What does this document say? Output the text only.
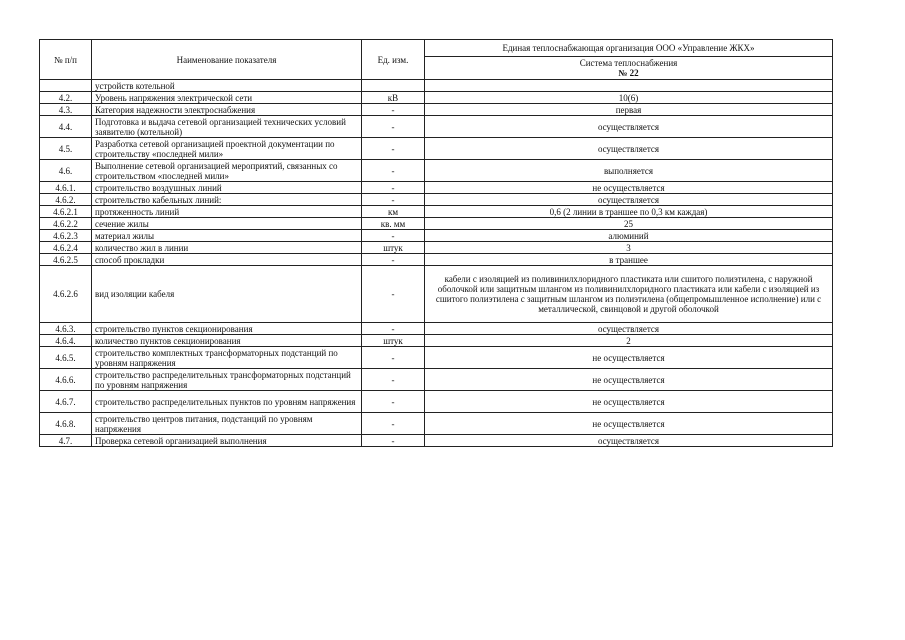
№ п/п	Наименование показателя	Ед. изм.	Единая теплоснабжающая организация ООО «Управление ЖКХ»

			Система теплоснабжения
№ 22

	устройств котельной		
4.2.	Уровень напряжения электрической сети	кВ	10(6)
4.3.	Категория надежности электроснабжения	-	первая
4.4.	Подготовка и выдача сетевой организацией технических условий заявителю (котельной)	-	осуществляется
4.5.	Разработка сетевой организацией проектной документации по строительству «последней мили»	-	осуществляется
4.6.	Выполнение сетевой организацией мероприятий, связанных со строительством «последней мили»	-	выполняется
4.6.1.	строительство воздушных линий	-	не осуществляется
4.6.2.	строительство кабельных линий:	-	осуществляется
4.6.2.1	протяженность линий	км	0,6 (2 линии в траншее по 0,3 км каждая)
4.6.2.2	сечение жилы	кв. мм	25
4.6.2.3	материал жилы	-	алюминий
4.6.2.4	количество жил в линии	штук	3
4.6.2.5	способ прокладки	-	в траншее
4.6.2.6	вид изоляции кабеля	-	кабели с изоляцией из поливинилхлоридного пластиката или сшитого полиэтилена, с наружной оболочкой или защитным шлангом из поливинилхлоридного пластиката или кабели с изоляцией из сшитого полиэтилена с защитным шлангом из полиэтилена (общепромышленное исполнение) или с металлической, свинцовой и другой оболочкой
4.6.3.	строительство пунктов секционирования	-	осуществляется
4.6.4.	количество пунктов секционирования	штук	2
4.6.5.	строительство комплектных трансформаторных подстанций по уровням напряжения	-	не осуществляется
4.6.6.	строительство распределительных трансформаторных подстанций по уровням напряжения	-	не осуществляется
4.6.7.	строительство распределительных пунктов по уровням напряжения	-	не осуществляется
4.6.8.	строительство центров питания, подстанций по уровням напряжения	-	не осуществляется
4.7.	Проверка сетевой организацией выполнения	-	осуществляется
